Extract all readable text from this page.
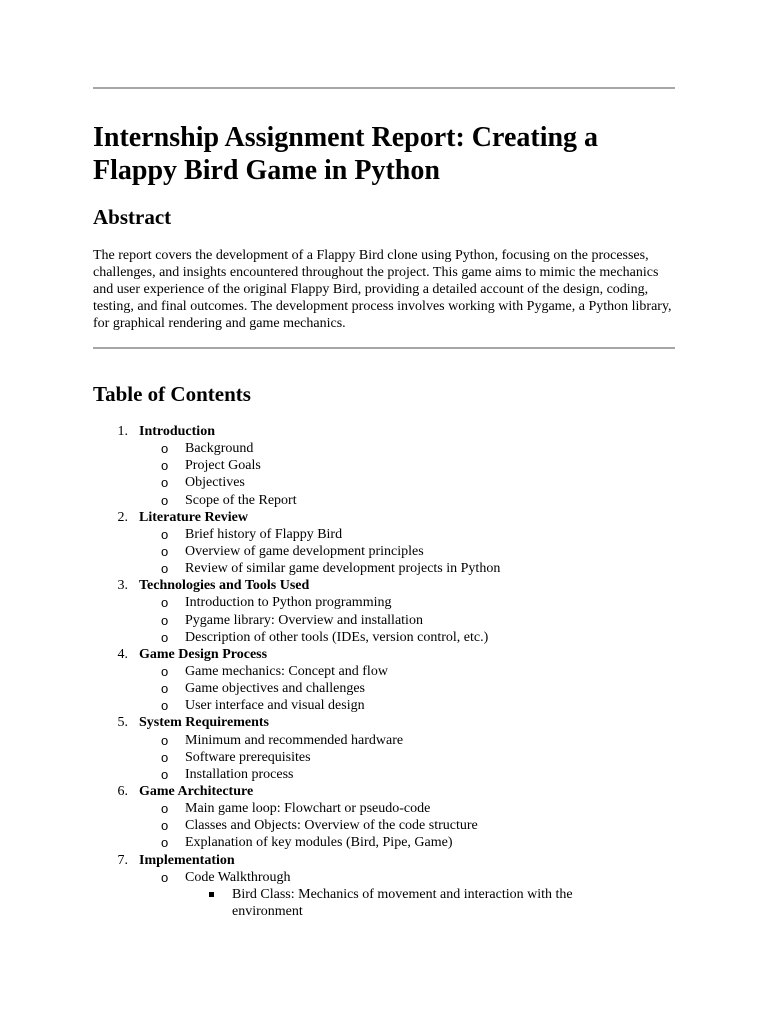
Internship Assignment Report: Creating a Flappy Bird Game in Python
Abstract

The report covers the development of a Flappy Bird clone using Python, focusing on the processes, challenges, and insights encountered throughout the project. This game aims to mimic the mechanics and user experience of the original Flappy Bird, providing a detailed account of the design, coding, testing, and final outcomes. The development process involves working with Pygame, a Python library, for graphical rendering and game mechanics.

Table of Contents
1. Introduction
o Background
o Project Goals
o Objectives
o Scope of the Report
2. Literature Review
o Brief history of Flappy Bird
o Overview of game development principles
o Review of similar game development projects in Python
3. Technologies and Tools Used
o Introduction to Python programming
o Pygame library: Overview and installation
o Description of other tools (IDEs, version control, etc.)
4. Game Design Process
o Game mechanics: Concept and flow
o Game objectives and challenges
o User interface and visual design
5. System Requirements
o Minimum and recommended hardware
o Software prerequisites
o Installation process
6. Game Architecture
o Main game loop: Flowchart or pseudo-code
o Classes and Objects: Overview of the code structure
o Explanation of key modules (Bird, Pipe, Game)
7. Implementation
o Code Walkthrough
Bird Class: Mechanics of movement and interaction with the environment
